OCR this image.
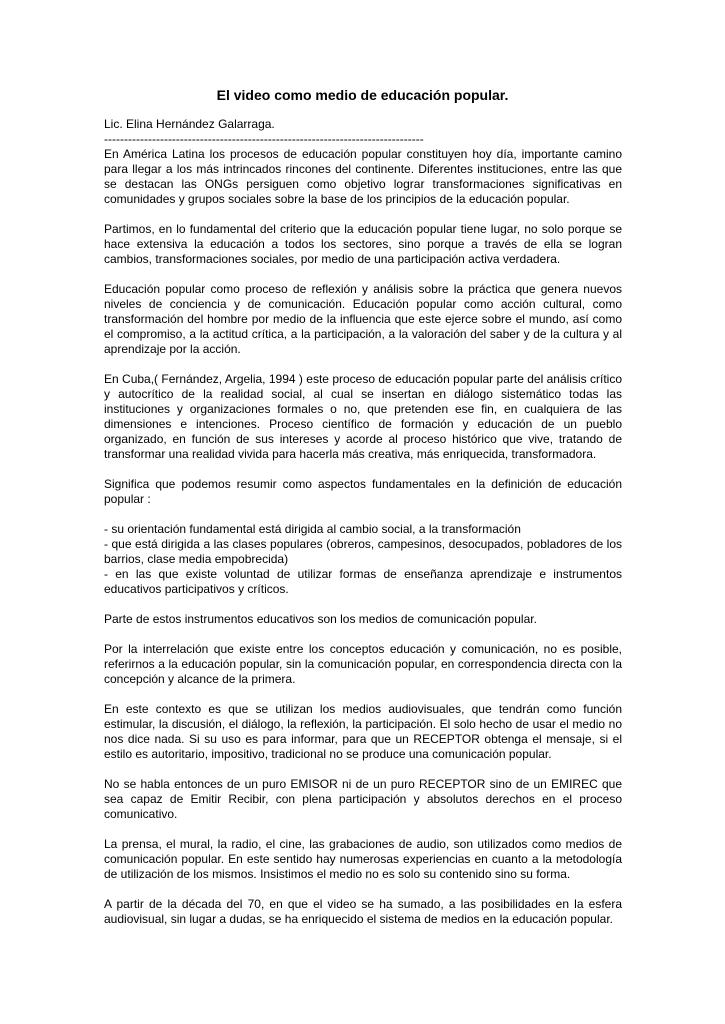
El video como medio de educación popular.

Lic. Elina Hernández Galarraga.

--------------------------------------------------------------------------------

En América Latina los procesos de educación popular constituyen hoy día, importante camino para llegar a los más intrincados rincones del continente. Diferentes instituciones, entre las que se destacan las ONGs persiguen como objetivo lograr transformaciones significativas en comunidades y grupos sociales sobre la base de los principios de la educación popular.

Partimos, en lo fundamental del criterio que la educación popular tiene lugar, no solo porque se hace extensiva la educación a todos los sectores, sino porque a través de ella se logran cambios, transformaciones sociales, por medio de una participación activa verdadera.

Educación popular como proceso de reflexión y análisis sobre la práctica que genera nuevos niveles de conciencia y de comunicación. Educación popular como acción cultural, como transformación del hombre por medio de la influencia que este ejerce sobre el mundo, así como el compromiso, a la actitud crítica, a la participación, a la valoración del saber y de la cultura y al aprendizaje por la acción.

En Cuba,( Fernández, Argelia, 1994 ) este proceso de educación popular parte del análisis crítico y autocrítico de la realidad social, al cual se insertan en diálogo sistemático todas las instituciones y organizaciones formales o no, que pretenden ese fin, en cualquiera de las dimensiones e intenciones. Proceso científico de formación y educación de un pueblo organizado, en función de sus intereses y acorde al proceso histórico que vive, tratando de transformar una realidad vivida para hacerla más creativa, más enriquecida, transformadora.

Significa que podemos resumir como aspectos fundamentales en la definición de educación popular :

- su orientación fundamental está dirigida al cambio social, a la transformación
- que está dirigida a las clases populares (obreros, campesinos, desocupados, pobladores de los barrios, clase media empobrecida)
- en las que existe voluntad de utilizar formas de enseñanza aprendizaje e instrumentos educativos participativos y críticos.

Parte de estos instrumentos educativos son los medios de comunicación popular.

Por la interrelación que existe entre los conceptos educación y comunicación, no es posible, referirnos a la educación popular, sin la comunicación popular, en correspondencia directa con la concepción y alcance de la primera.

En este contexto es que se utilizan los medios audiovisuales, que tendrán como función estimular, la discusión, el diálogo, la reflexión, la participación. El solo hecho de usar el medio no nos dice nada. Si su uso es para informar, para que un RECEPTOR obtenga el mensaje, si el estilo es autoritario, impositivo, tradicional no se produce una comunicación popular.

No se habla entonces de un puro EMISOR ni de un puro RECEPTOR sino de un EMIREC que sea capaz de Emitir Recibir, con plena participación y absolutos derechos en el proceso comunicativo.

La prensa, el mural, la radio, el cine, las grabaciones de audio, son utilizados como medios de comunicación popular. En este sentido hay numerosas experiencias en cuanto a la metodología de utilización de los mismos. Insistimos el medio no es solo su contenido sino su forma.

A partir de la década del 70, en que el video se ha sumado, a las posibilidades en la esfera audiovisual, sin lugar a dudas, se ha enriquecido el sistema de medios en la educación popular.
